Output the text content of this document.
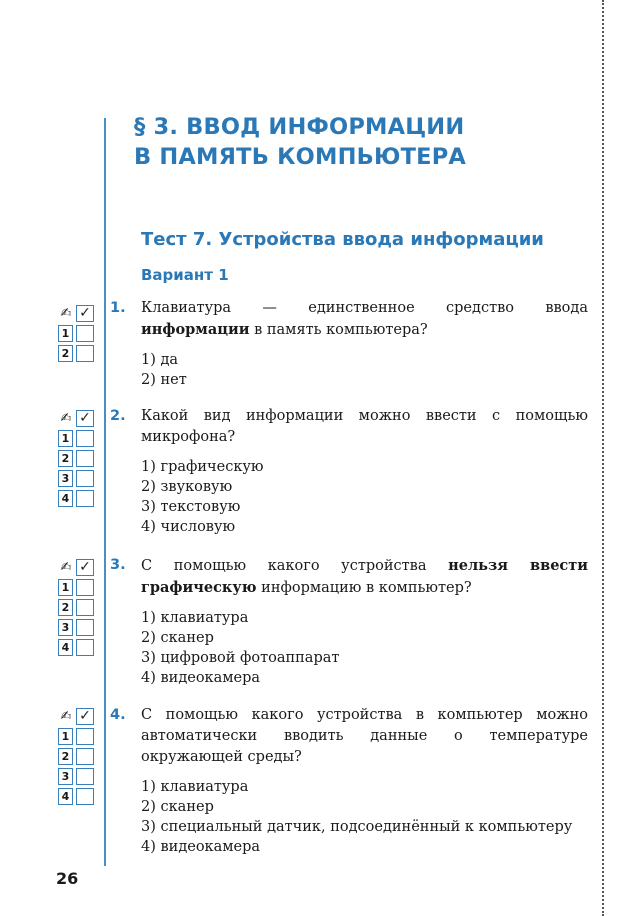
§ 3. ВВОД ИНФОРМАЦИИ
В ПАМЯТЬ КОМПЬЮТЕРА
Тест 7. Устройства ввода информации
Вариант 1
✍ ✓
1
2
1. Клавиатура — единственное средство ввода информации в память компьютера?

1) да
2) нет
✍ ✓
1
2
3
4
2. Какой вид информации можно ввести с помощью микрофона?

1) графическую
2) звуковую
3) текстовую
4) числовую
✍ ✓
1
2
3
4
3. С помощью какого устройства нельзя ввести графическую информацию в компьютер?

1) клавиатура
2) сканер
3) цифровой фотоаппарат
4) видеокамера
✍ ✓
1
2
3
4
4. С помощью какого устройства в компьютер можно автоматически вводить данные о температуре окружающей среды?

1) клавиатура
2) сканер
3) специальный датчик, подсоединённый к компьютеру
4) видеокамера
26
